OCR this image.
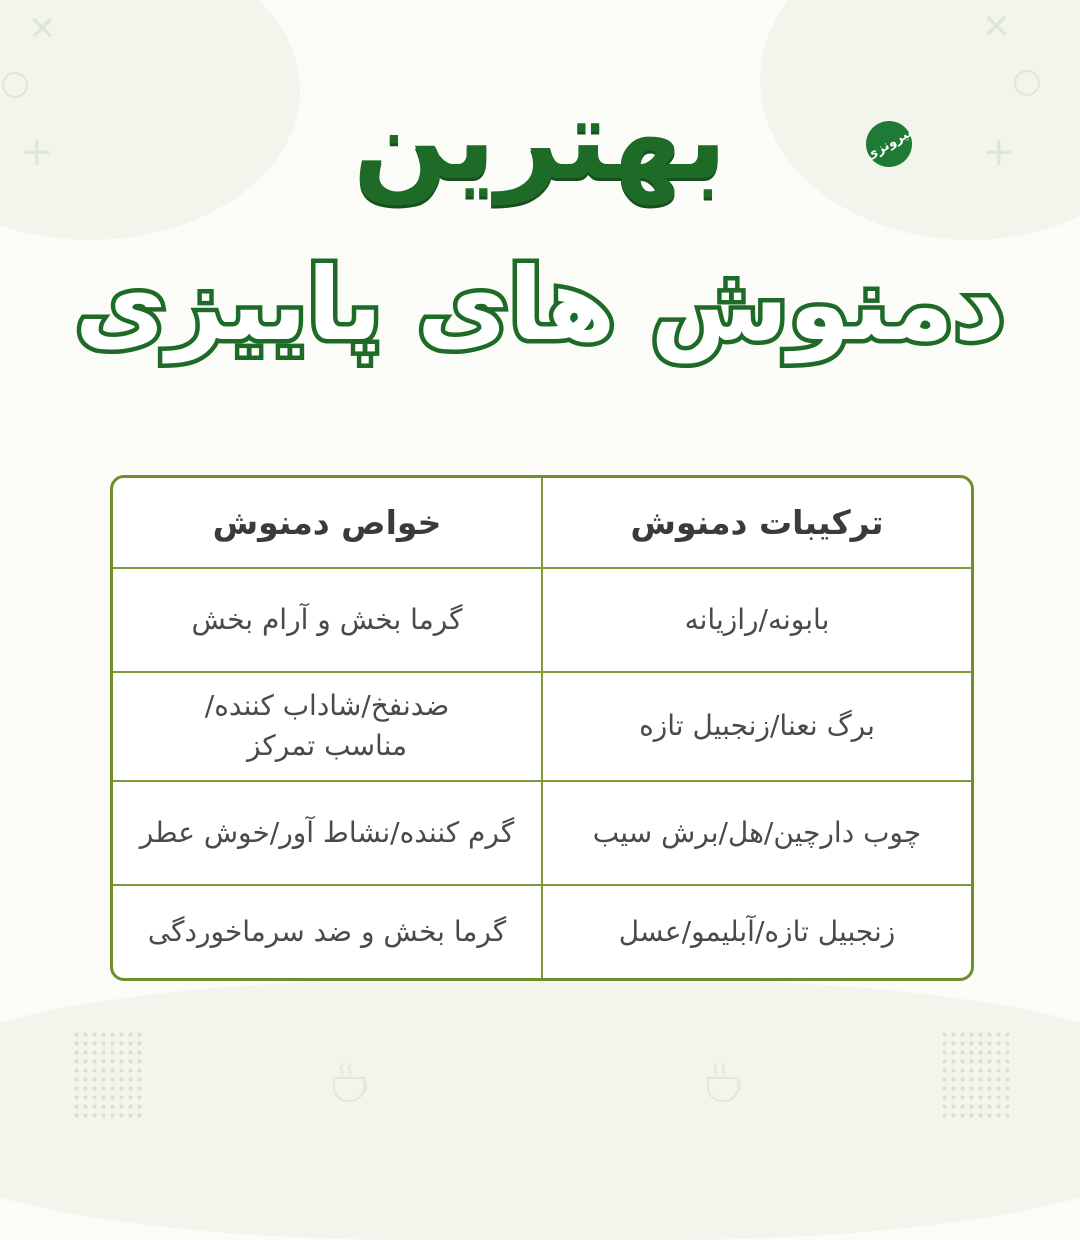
✕	✕
+	+
بیرونزی
بهترین
دمنوش های پاییزی
ترکیبات دمنوش	خواص دمنوش
بابونه/رازیانه	گرما بخش و آرام بخش
برگ نعنا/زنجبیل تازه	ضدنفخ/شاداب کننده/ مناسب تمرکز
چوب دارچین/هل/برش سیب	گرم کننده/نشاط آور/خوش عطر
زنجبیل تازه/آبلیمو/عسل	گرما بخش و ضد سرماخوردگی
